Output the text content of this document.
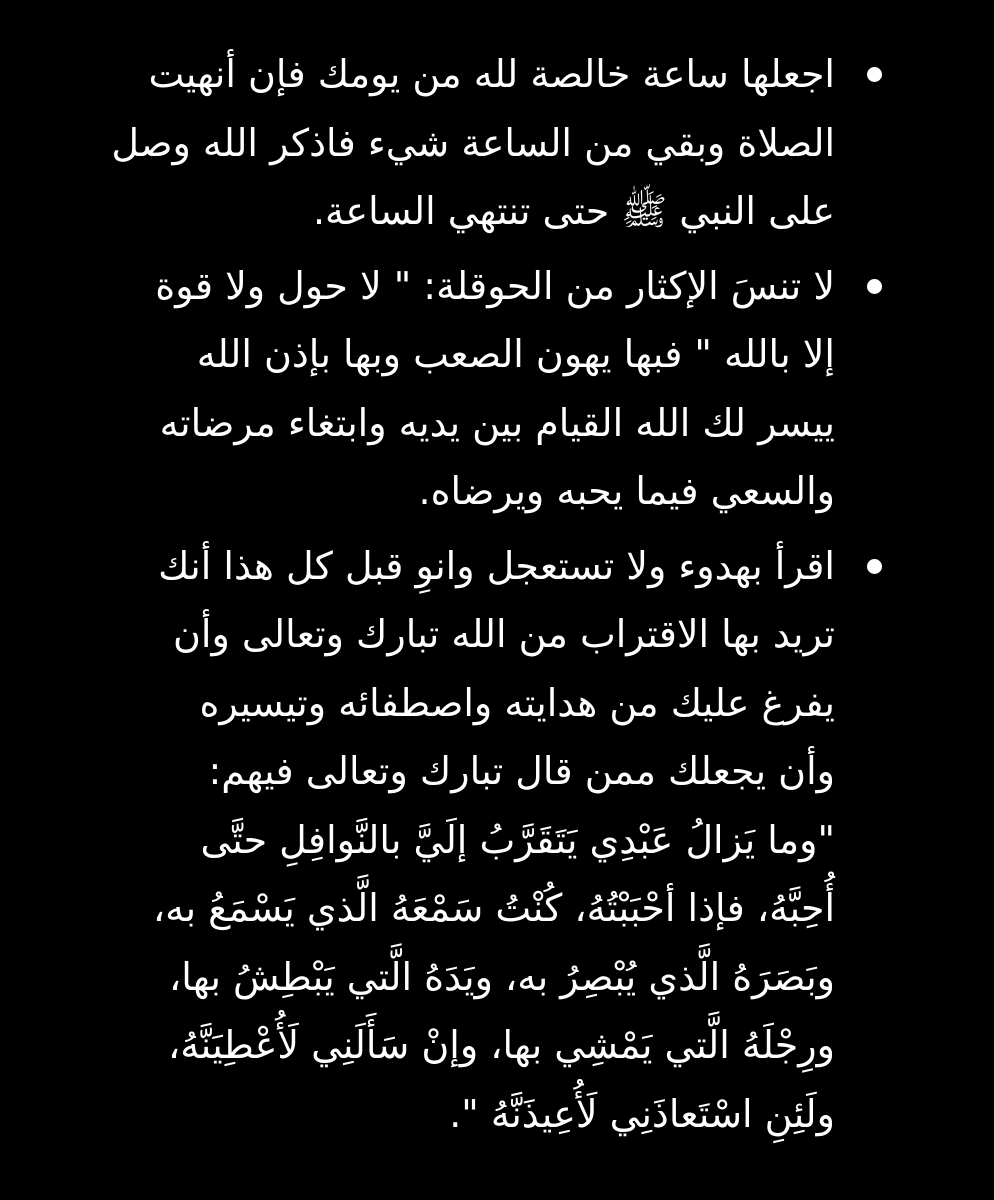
اجعلها ساعة خالصة لله من يومك فإن أنهيت
الصلاة وبقي من الساعة شيء فاذكر الله وصل
على النبي ﷺ حتى تنتهي الساعة.
لا تنسَ الإكثار من الحوقلة: " لا حول ولا قوة
إلا بالله " فبها يهون الصعب وبها بإذن الله
ييسر لك الله القيام بين يديه وابتغاء مرضاته
والسعي فيما يحبه ويرضاه.
اقرأ بهدوء ولا تستعجل وانوِ قبل كل هذا أنك
تريد بها الاقتراب من الله تبارك وتعالى وأن
يفرغ عليك من هدايته واصطفائه وتيسيره
وأن يجعلك ممن قال تبارك وتعالى فيهم:
"وما يَزالُ عَبْدِي يَتَقَرَّبُ إلَيَّ بالنَّوافِلِ حتَّى
أُحِبَّهُ، فإذا أحْبَبْتُهُ، كُنْتُ سَمْعَهُ الَّذي يَسْمَعُ به،
وبَصَرَهُ الَّذي يُبْصِرُ به، ويَدَهُ الَّتي يَبْطِشُ بها،
ورِجْلَهُ الَّتي يَمْشِي بها، وإنْ سَأَلَنِي لَأُعْطِيَنَّهُ،
ولَئِنِ اسْتَعاذَنِي لَأُعِيذَنَّهُ ".
